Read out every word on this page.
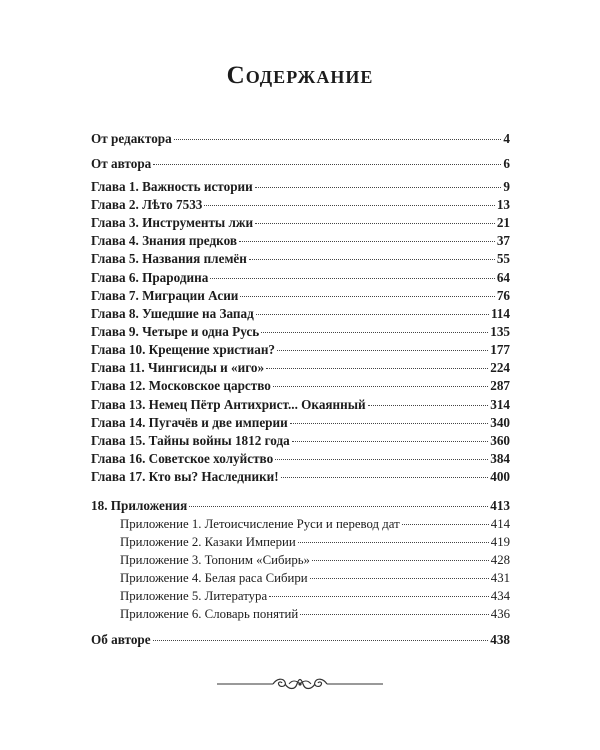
Содержание
От редактора	4
От автора	6
Глава 1. Важность истории	9
Глава 2. Лѣто 7533	13
Глава 3. Инструменты лжи	21
Глава 4. Знания предков	37
Глава 5. Названия племён	55
Глава 6. Прародина	64
Глава 7. Миграции Асии	76
Глава 8. Ушедшие на Запад	114
Глава 9. Четыре и одна Русь	135
Глава 10. Крещение христиан?	177
Глава 11. Чингисиды и «иго»	224
Глава 12. Московское царство	287
Глава 13. Немец Пётр Антихрист... Окаянный	314
Глава 14. Пугачёв и две империи	340
Глава 15. Тайны войны 1812 года	360
Глава 16. Советское холуйство	384
Глава 17. Кто вы? Наследники!	400
18. Приложения	413
Приложение 1. Летоисчисление Руси и перевод дат	414
Приложение 2. Казаки Империи	419
Приложение 3. Топоним «Сибирь»	428
Приложение 4. Белая раса Сибири	431
Приложение 5. Литература	434
Приложение 6. Словарь понятий	436
Об авторе	438
